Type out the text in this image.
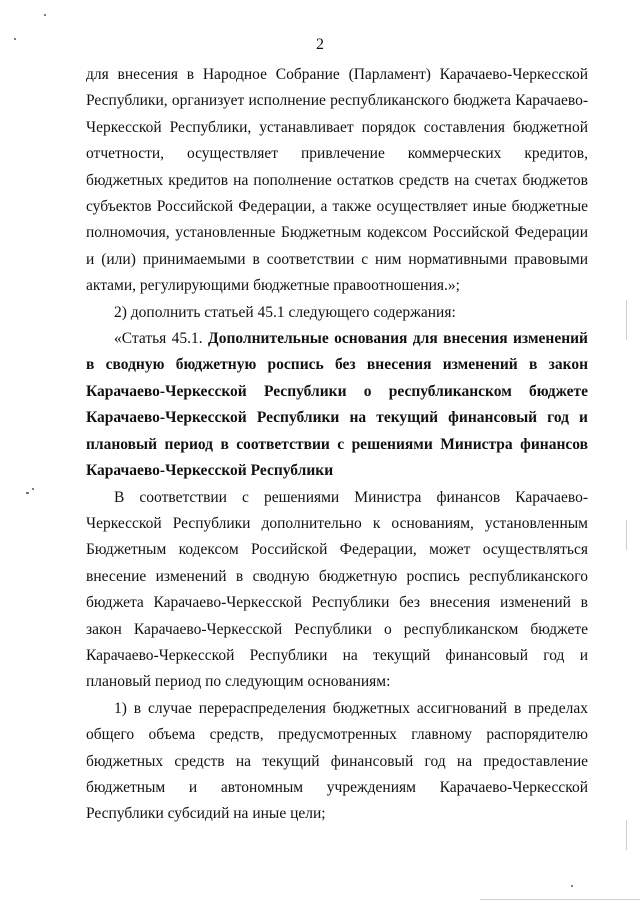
2

для внесения в Народное Собрание (Парламент) Карачаево-Черкесской Республики, организует исполнение республиканского бюджета Карачаево-Черкесской Республики, устанавливает порядок составления бюджетной отчетности, осуществляет привлечение коммерческих кредитов, бюджетных кредитов на пополнение остатков средств на счетах бюджетов субъектов Российской Федерации, а также осуществляет иные бюджетные полномочия, установленные Бюджетным кодексом Российской Федерации и (или) принимаемыми в соответствии с ним нормативными правовыми актами, регулирующими бюджетные правоотношения.»;

2) дополнить статьей 45.1 следующего содержания:

«Статья 45.1. Дополнительные основания для внесения изменений в сводную бюджетную роспись без внесения изменений в закон Карачаево-Черкесской Республики о республиканском бюджете Карачаево-Черкесской Республики на текущий финансовый год и плановый период в соответствии с решениями Министра финансов Карачаево-Черкесской Республики

В соответствии с решениями Министра финансов Карачаево-Черкесской Республики дополнительно к основаниям, установленным Бюджетным кодексом Российской Федерации, может осуществляться внесение изменений в сводную бюджетную роспись республиканского бюджета Карачаево-Черкесской Республики без внесения изменений в закон Карачаево-Черкесской Республики о республиканском бюджете Карачаево-Черкесской Республики на текущий финансовый год и плановый период по следующим основаниям:

1) в случае перераспределения бюджетных ассигнований в пределах общего объема средств, предусмотренных главному распорядителю бюджетных средств на текущий финансовый год на предоставление бюджетным и автономным учреждениям Карачаево-Черкесской Республики субсидий на иные цели;
